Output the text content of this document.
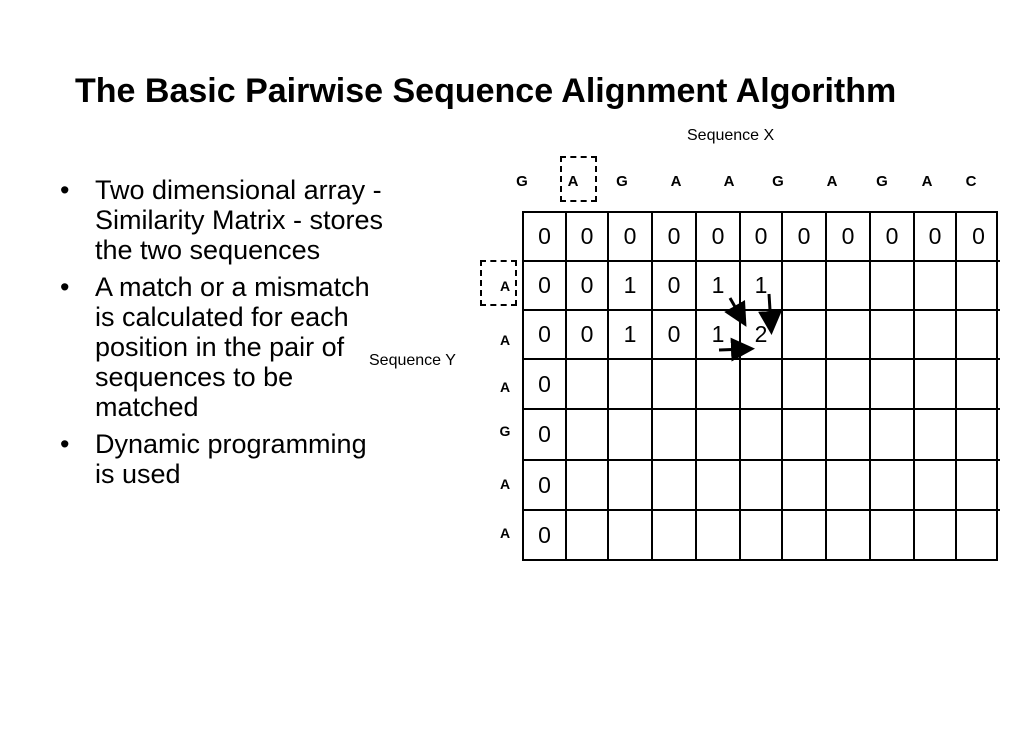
The Basic Pairwise Sequence Alignment Algorithm
• Two dimensional array - Similarity Matrix - stores the two sequences
• A match or a mismatch is calculated for each position in the pair of sequences to be matched
• Dynamic programming is used
Sequence X
Sequence Y
G	A	G	A	A	G	A	G	A	C
A
A
A
G
A
A
0	0	0	0	0	0	0	0	0	0	0
0	0	1	0	1	1
0	0	1	0	1	2
0
0
0
0
